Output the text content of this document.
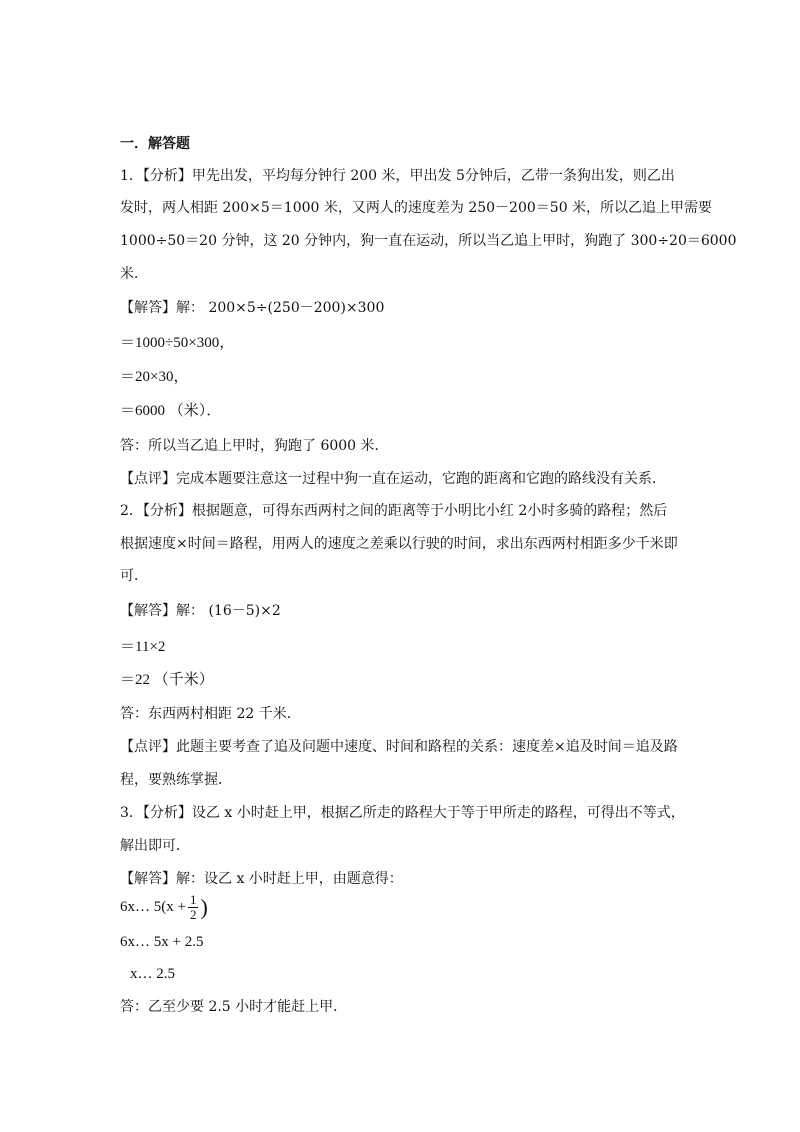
一．解答题
1．【分析】甲先出发，平均每分钟行 200 米，甲出发 5分钟后，乙带一条狗出发，则乙出
发时，两人相距 200×5＝1000 米，又两人的速度差为 250－200＝50 米，所以乙追上甲需要
1000÷50＝20 分钟，这 20 分钟内，狗一直在运动，所以当乙追上甲时，狗跑了 300÷20＝6000
米．
【解答】解： 200×5÷(250－200)×300
＝1000÷50×300，
＝20×30，
＝6000 （米）．
答：所以当乙追上甲时，狗跑了 6000 米．
【点评】完成本题要注意这一过程中狗一直在运动，它跑的距离和它跑的路线没有关系．
2．【分析】根据题意，可得东西两村之间的距离等于小明比小红 2小时多骑的路程；然后
根据速度×时间＝路程，用两人的速度之差乘以行驶的时间，求出东西两村相距多少千米即
可．
【解答】解： (16－5)×2
＝11×2
＝22 （千米）
答：东西两村相距 22 千米．
【点评】此题主要考查了追及问题中速度、时间和路程的关系：速度差×追及时间＝追及路
程，要熟练掌握．
3．【分析】设乙 x 小时赶上甲，根据乙所走的路程大于等于甲所走的路程，可得出不等式，
解出即可．
【解答】解：设乙 x 小时赶上甲，由题意得：
6x… $5(x + \frac{1}{2}$ )
6x… 5x + 2.5
x… 2.5
答：乙至少要 2.5 小时才能赶上甲．
